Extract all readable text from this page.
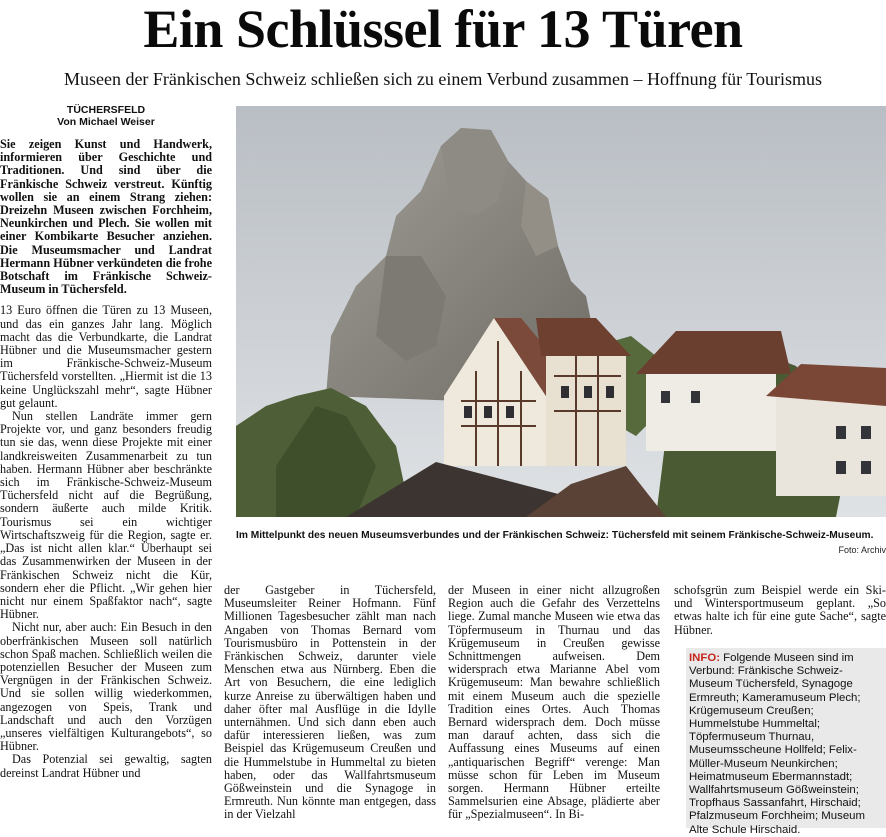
Ein Schlüssel für 13 Türen
Museen der Fränkischen Schweiz schließen sich zu einem Verbund zusammen – Hoffnung für Tourismus
TÜCHERSFELD
Von Michael Weiser

Sie zeigen Kunst und Handwerk, informieren über Geschichte und Traditionen. Und sind über die Fränkische Schweiz verstreut. Künftig wollen sie an einem Strang ziehen: Dreizehn Museen zwischen Forchheim, Neunkirchen und Plech. Sie wollen mit einer Kombikarte Besucher anziehen. Die Museumsmacher und Landrat Hermann Hübner verkündeten die frohe Botschaft im Fränkische Schweiz-Museum in Tüchersfeld.

13 Euro öffnen die Türen zu 13 Museen, und das ein ganzes Jahr lang. Möglich macht das die Verbundkarte, die Landrat Hübner und die Museumsmacher gestern im Fränkische-Schweiz-Museum Tüchersfeld vorstellten. „Hiermit ist die 13 keine Unglückszahl mehr“, sagte Hübner gut gelaunt.

Nun stellen Landräte immer gern Projekte vor, und ganz besonders freudig tun sie das, wenn diese Projekte mit einer landkreisweiten Zusammenarbeit zu tun haben. Hermann Hübner aber beschränkte sich im Fränkische-Schweiz-Museum Tüchersfeld nicht auf die Begrüßung, sondern äußerte auch milde Kritik. Tourismus sei ein wichtiger Wirtschaftszweig für die Region, sagte er. „Das ist nicht allen klar.“ Überhaupt sei das Zusammenwirken der Museen in der Fränkischen Schweiz nicht die Kür, sondern eher die Pflicht. „Wir gehen hier nicht nur einem Spaßfaktor nach“, sagte Hübner.

Nicht nur, aber auch: Ein Besuch in den oberfränkischen Museen soll natürlich schon Spaß machen. Schließlich weilen die potenziellen Besucher der Museen zum Vergnügen in der Fränkischen Schweiz. Und sie sollen willig wiederkommen, angezogen von Speis, Trank und Landschaft und auch den Vorzügen „unseres vielfältigen Kulturangebots“, so Hübner.

Das Potenzial sei gewaltig, sagten dereinst Landrat Hübner und

Im Mittelpunkt des neuen Museumsverbundes und der Fränkischen Schweiz: Tüchersfeld mit seinem Fränkische-Schweiz-Museum.
Foto: Archiv

der Gastgeber in Tüchersfeld, Museumsleiter Reiner Hofmann. Fünf Millionen Tagesbesucher zählt man nach Angaben von Thomas Bernard vom Tourismusbüro in Pottenstein in der Fränkischen Schweiz, darunter viele Menschen etwa aus Nürnberg. Eben die Art von Besuchern, die eine lediglich kurze Anreise zu überwältigen haben und daher öfter mal Ausflüge in die Idylle unternähmen. Und sich dann eben auch dafür interessieren ließen, was zum Beispiel das Krügemuseum Creußen und die Hummelstube in Hummeltal zu bieten haben, oder das Wallfahrtsmuseum Gößweinstein und die Synagoge in Ermreuth. Nun könnte man entgegen, dass in der Vielzahl

der Museen in einer nicht allzugroßen Region auch die Gefahr des Verzettelns liege. Zumal manche Museen wie etwa das Töpfermuseum in Thurnau und das Krügemuseum in Creußen gewisse Schnittmengen aufweisen. Dem widersprach etwa Marianne Abel vom Krügemuseum: Man bewahre schließlich mit einem Museum auch die spezielle Tradition eines Ortes. Auch Thomas Bernard widersprach dem. Doch müsse man darauf achten, dass sich die Auffassung eines Museums auf einen „antiquarischen Begriff“ verenge: Man müsse schon für Leben im Museum sorgen. Hermann Hübner erteilte Sammelsurien eine Absage, plädierte aber für „Spezialmuseen“. In Bi-

schofsgrün zum Beispiel werde ein Ski- und Wintersportmuseum geplant. „So etwas halte ich für eine gute Sache“, sagte Hübner.

INFO: Folgende Museen sind im Verbund: Fränkische Schweiz-Museum Tüchersfeld, Synagoge Ermreuth; Kameramuseum Plech; Krügemuseum Creußen; Hummelstube Hummeltal; Töpfermuseum Thurnau, Museumsscheune Hollfeld; Felix-Müller-Museum Neunkirchen; Heimatmuseum Ebermannstadt; Wallfahrtsmuseum Gößweinstein; Tropfhaus Sassanfahrt, Hirschaid; Pfalzmuseum Forchheim; Museum Alte Schule Hirschaid.
